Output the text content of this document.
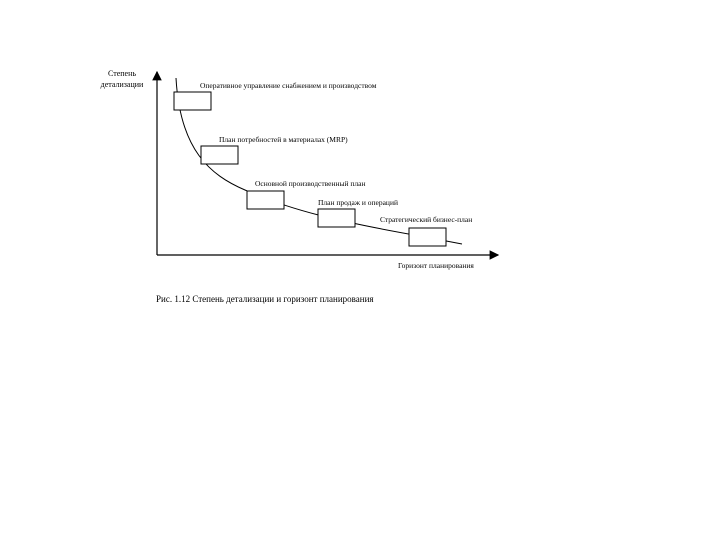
Оперативное управление снабжением и производством
План потребностей в материалах (MRP)
Основной производственный план
План продаж и операций
Стратегический бизнес-план
Степень
детализации
Горизонт планирования
Рис. 1.12 Степень детализации и горизонт планирования
